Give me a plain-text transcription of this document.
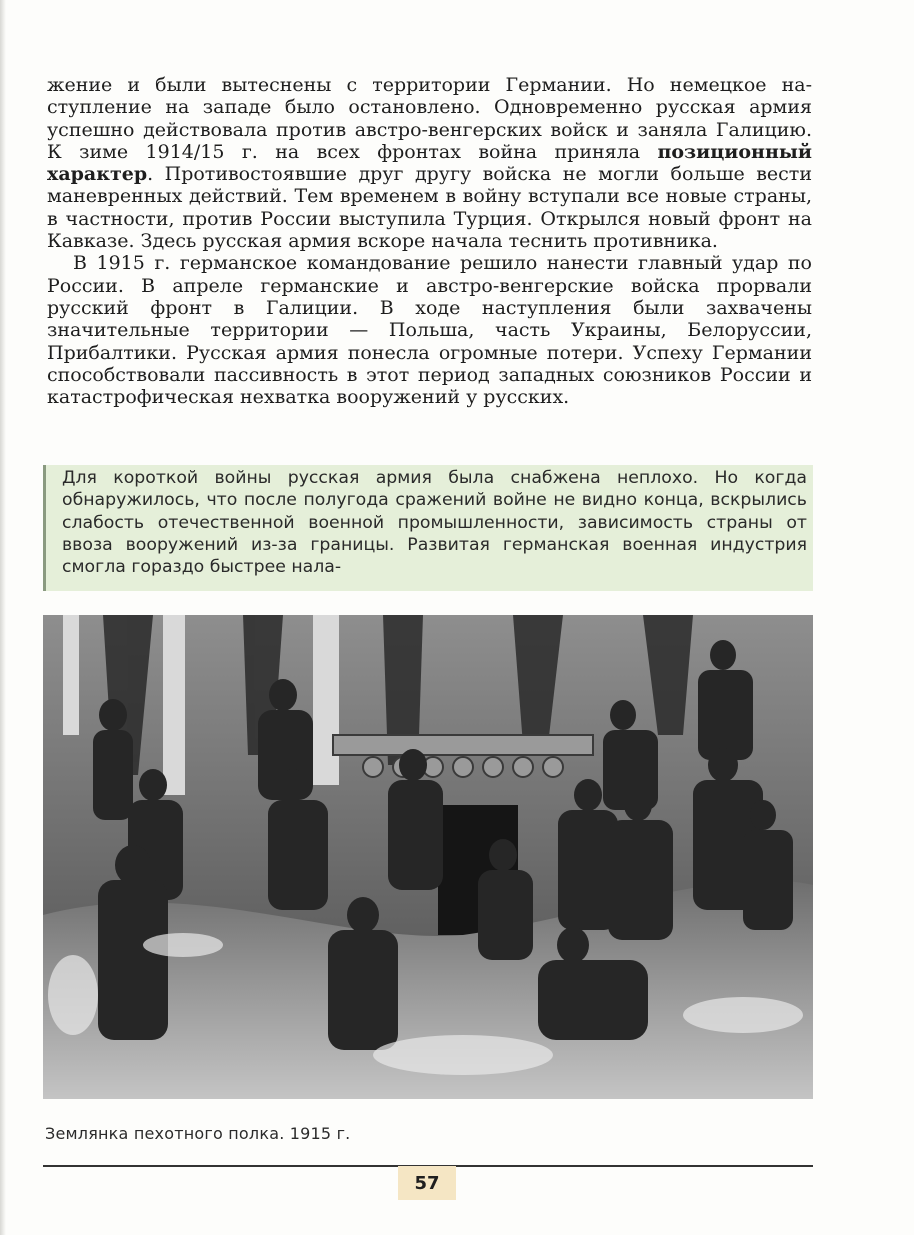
жение и были вытеснены с территории Германии. Но немецкое наступление на западе было остановлено. Одновременно русская армия успешно действовала против австро-венгерских войск и заняла Галицию. К зиме 1914/15 г. на всех фронтах война приняла позиционный характер. Противостоявшие друг другу войска не могли больше вести маневренных действий. Тем временем в войну вступали все новые страны, в частности, против России выступила Турция. Открылся новый фронт на Кавказе. Здесь русская армия вскоре начала теснить противника.

В 1915 г. германское командование решило нанести главный удар по России. В апреле германские и австро-венгерские войска прорвали русский фронт в Галиции. В ходе наступления были захвачены значительные территории — Польша, часть Украины, Белоруссии, Прибалтики. Русская армия понесла огромные потери. Успеху Германии способствовали пассивность в этот период западных союзников России и катастрофическая нехватка вооружений у русских.

Для короткой войны русская армия была снабжена неплохо. Но когда обнаружилось, что после полугода сражений войне не видно конца, вскрылись слабость отечественной военной промышленности, зависимость страны от ввоза вооружений из-за границы. Развитая германская военная индустрия смогла гораздо быстрее нала-

Землянка пехотного полка. 1915 г.
57
